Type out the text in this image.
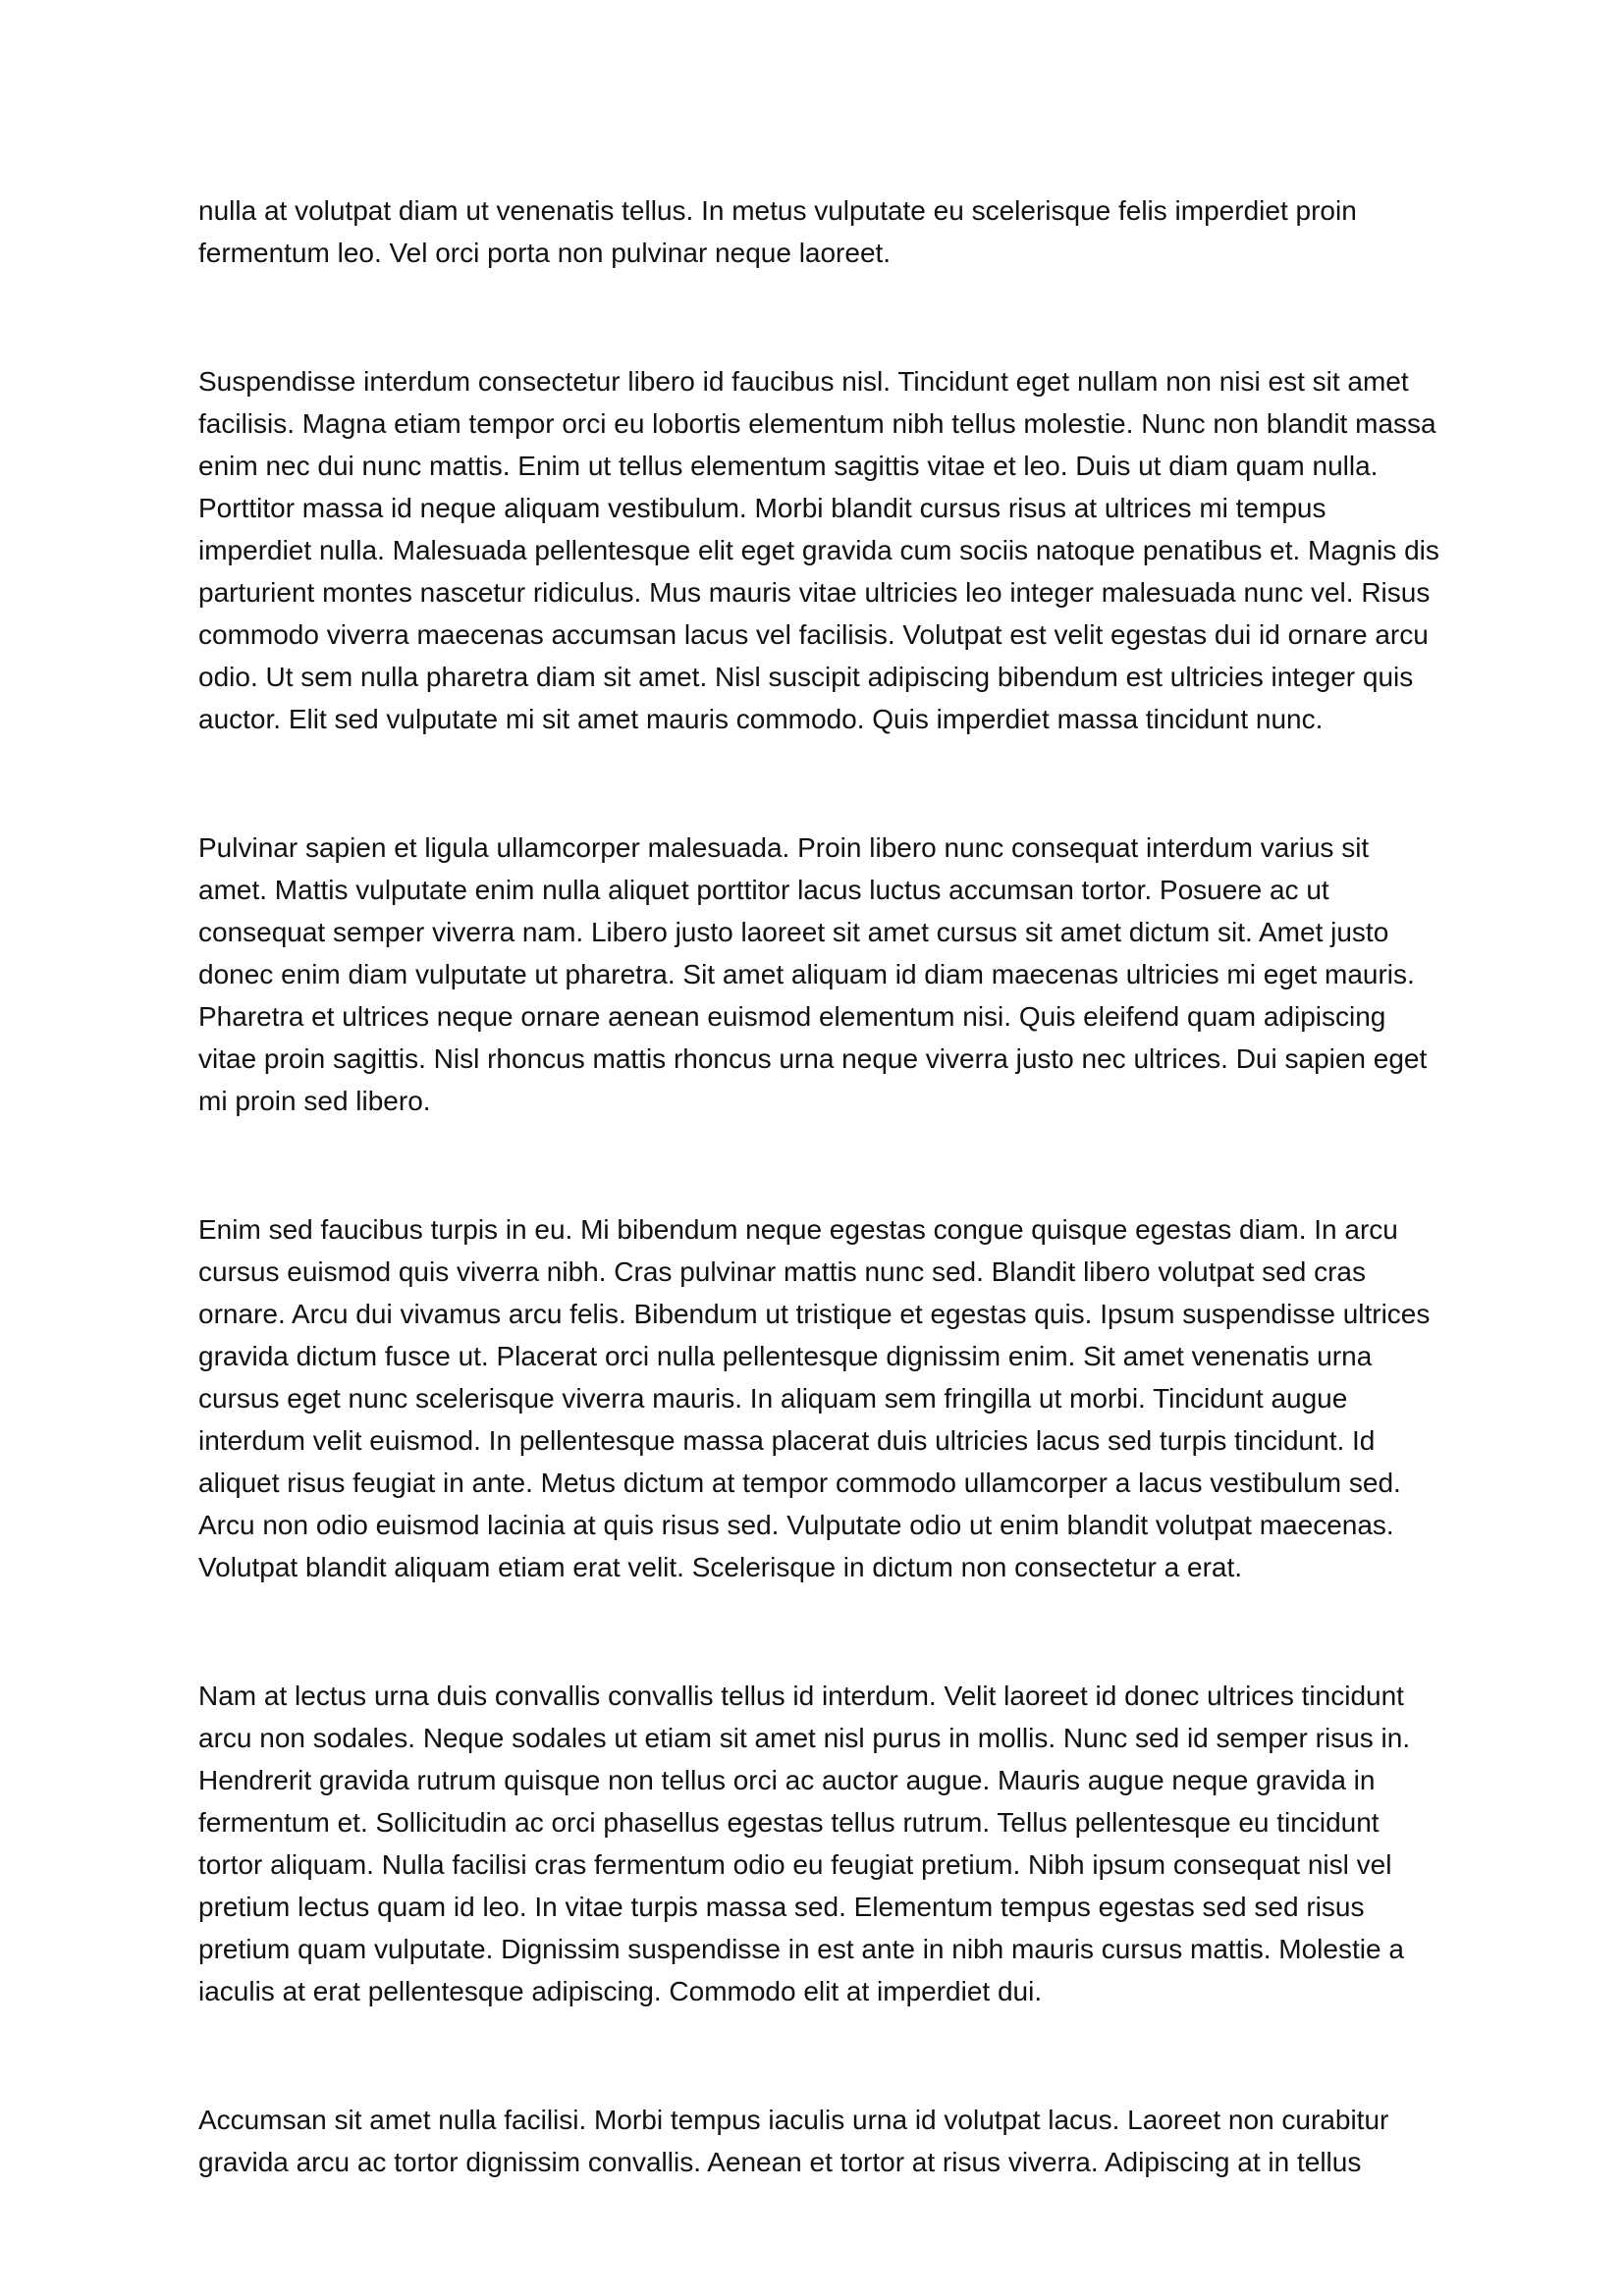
nulla at volutpat diam ut venenatis tellus. In metus vulputate eu scelerisque felis imperdiet proin fermentum leo. Vel orci porta non pulvinar neque laoreet.

Suspendisse interdum consectetur libero id faucibus nisl. Tincidunt eget nullam non nisi est sit amet facilisis. Magna etiam tempor orci eu lobortis elementum nibh tellus molestie. Nunc non blandit massa enim nec dui nunc mattis. Enim ut tellus elementum sagittis vitae et leo. Duis ut diam quam nulla. Porttitor massa id neque aliquam vestibulum. Morbi blandit cursus risus at ultrices mi tempus imperdiet nulla. Malesuada pellentesque elit eget gravida cum sociis natoque penatibus et. Magnis dis parturient montes nascetur ridiculus. Mus mauris vitae ultricies leo integer malesuada nunc vel. Risus commodo viverra maecenas accumsan lacus vel facilisis. Volutpat est velit egestas dui id ornare arcu odio. Ut sem nulla pharetra diam sit amet. Nisl suscipit adipiscing bibendum est ultricies integer quis auctor. Elit sed vulputate mi sit amet mauris commodo. Quis imperdiet massa tincidunt nunc.

Pulvinar sapien et ligula ullamcorper malesuada. Proin libero nunc consequat interdum varius sit amet. Mattis vulputate enim nulla aliquet porttitor lacus luctus accumsan tortor. Posuere ac ut consequat semper viverra nam. Libero justo laoreet sit amet cursus sit amet dictum sit. Amet justo donec enim diam vulputate ut pharetra. Sit amet aliquam id diam maecenas ultricies mi eget mauris. Pharetra et ultrices neque ornare aenean euismod elementum nisi. Quis eleifend quam adipiscing vitae proin sagittis. Nisl rhoncus mattis rhoncus urna neque viverra justo nec ultrices. Dui sapien eget mi proin sed libero.

Enim sed faucibus turpis in eu. Mi bibendum neque egestas congue quisque egestas diam. In arcu cursus euismod quis viverra nibh. Cras pulvinar mattis nunc sed. Blandit libero volutpat sed cras ornare. Arcu dui vivamus arcu felis. Bibendum ut tristique et egestas quis. Ipsum suspendisse ultrices gravida dictum fusce ut. Placerat orci nulla pellentesque dignissim enim. Sit amet venenatis urna cursus eget nunc scelerisque viverra mauris. In aliquam sem fringilla ut morbi. Tincidunt augue interdum velit euismod. In pellentesque massa placerat duis ultricies lacus sed turpis tincidunt. Id aliquet risus feugiat in ante. Metus dictum at tempor commodo ullamcorper a lacus vestibulum sed. Arcu non odio euismod lacinia at quis risus sed. Vulputate odio ut enim blandit volutpat maecenas. Volutpat blandit aliquam etiam erat velit. Scelerisque in dictum non consectetur a erat.

Nam at lectus urna duis convallis convallis tellus id interdum. Velit laoreet id donec ultrices tincidunt arcu non sodales. Neque sodales ut etiam sit amet nisl purus in mollis. Nunc sed id semper risus in. Hendrerit gravida rutrum quisque non tellus orci ac auctor augue. Mauris augue neque gravida in fermentum et. Sollicitudin ac orci phasellus egestas tellus rutrum. Tellus pellentesque eu tincidunt tortor aliquam. Nulla facilisi cras fermentum odio eu feugiat pretium. Nibh ipsum consequat nisl vel pretium lectus quam id leo. In vitae turpis massa sed. Elementum tempus egestas sed sed risus pretium quam vulputate. Dignissim suspendisse in est ante in nibh mauris cursus mattis. Molestie a iaculis at erat pellentesque adipiscing. Commodo elit at imperdiet dui.

Accumsan sit amet nulla facilisi. Morbi tempus iaculis urna id volutpat lacus. Laoreet non curabitur gravida arcu ac tortor dignissim convallis. Aenean et tortor at risus viverra. Adipiscing at in tellus
